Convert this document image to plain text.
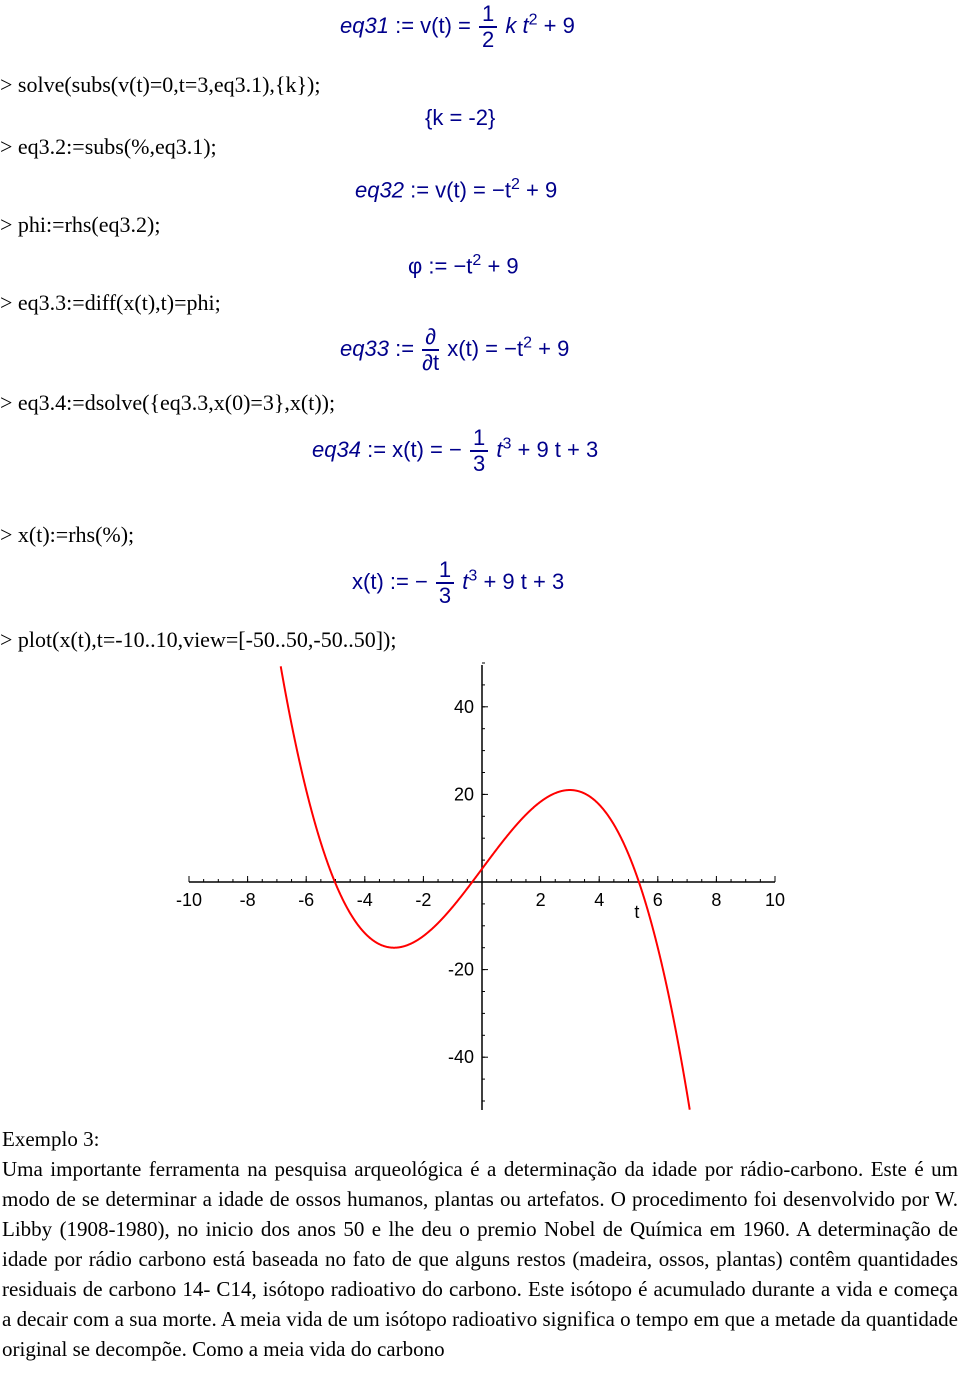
eq31 := $v(t) = \frac{1}{2}$ k $t^2 + 9$
> solve(subs(v(t)=0,t=3,eq3.1),{k});
{k = -2}
> eq3.2:=subs(%,eq3.1);
eq32 := $v(t) = -t^2 + 9$
> phi:=rhs(eq3.2);
φ := $-t^2 + 9$
> eq3.3:=diff(x(t),t)=phi;
eq33 := $\frac{\partial}{\partial t} x(t) = -t^2 + 9$
> eq3.4:=dsolve({eq3.3,x(0)=3},x(t));
eq34 := x(t) = − $\frac{1}{3} t^3 + 9$ t + 3
> x(t):=rhs(%);
x(t) := − $\frac{1}{3} t^3 + 9$ t + 3
> plot(x(t),t=-10..10,view=[-50..50,-50..50]);
-10 -8 -6 -4 -2	2	4	6	8 10
40
20
-20
-40
t

Exemplo 3:

Uma importante ferramenta na pesquisa arqueológica é a determinação da idade por rádio-carbono. Este é um modo de se determinar a idade de ossos humanos, plantas ou artefatos. O procedimento foi desenvolvido por W. Libby (1908-1980), no inicio dos anos 50 e lhe deu o premio Nobel de Química em 1960. A determinação de idade por rádio carbono está baseada no fato de que alguns restos (madeira, ossos, plantas) contêm quantidades residuais de carbono 14- C14, isótopo radioativo do carbono. Este isótopo é acumulado durante a vida e começa a decair com a sua morte. A meia vida de um isótopo radioativo significa o tempo em que a metade da quantidade original se decompõe. Como a meia vida do carbono
